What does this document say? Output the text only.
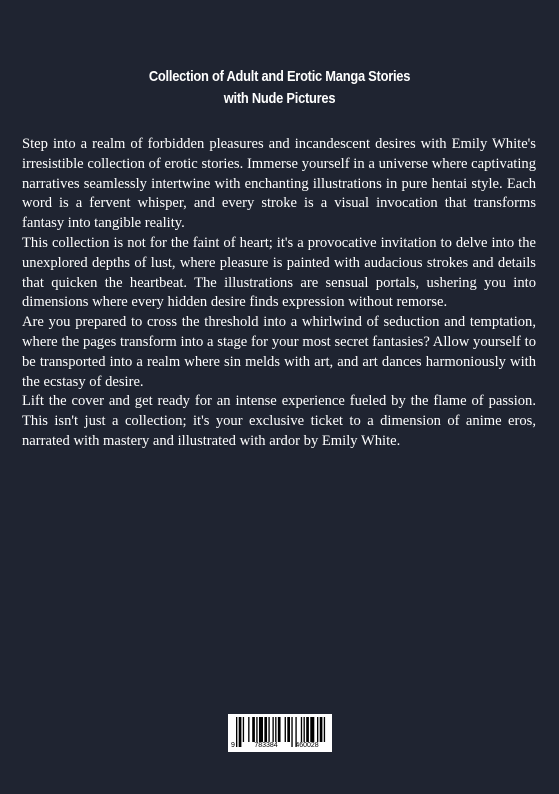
Collection of Adult and Erotic Manga Stories
with Nude Pictures

Step into a realm of forbidden pleasures and incandescent desires with Emily White's irresistible collection of erotic stories. Immerse yourself in a universe where captivating narratives seamlessly intertwine with enchanting illustrations in pure hentai style. Each word is a fervent whisper, and every stroke is a visual invocation that transforms fantasy into tangible reality.

This collection is not for the faint of heart; it's a provocative invitation to delve into the unexplored depths of lust, where pleasure is painted with audacious strokes and details that quicken the heartbeat. The illustrations are sensual portals, ushering you into dimensions where every hidden desire finds expression without remorse.

Are you prepared to cross the threshold into a whirlwind of seduction and temptation, where the pages transform into a stage for your most secret fantasies? Allow yourself to be transported into a realm where sin melds with art, and art dances harmoniously with the ecstasy of desire.

Lift the cover and get ready for an intense experience fueled by the flame of passion. This isn't just a collection; it's your exclusive ticket to a dimension of anime eros, narrated with mastery and illustrated with ardor by Emily White.

9	783384	460028
